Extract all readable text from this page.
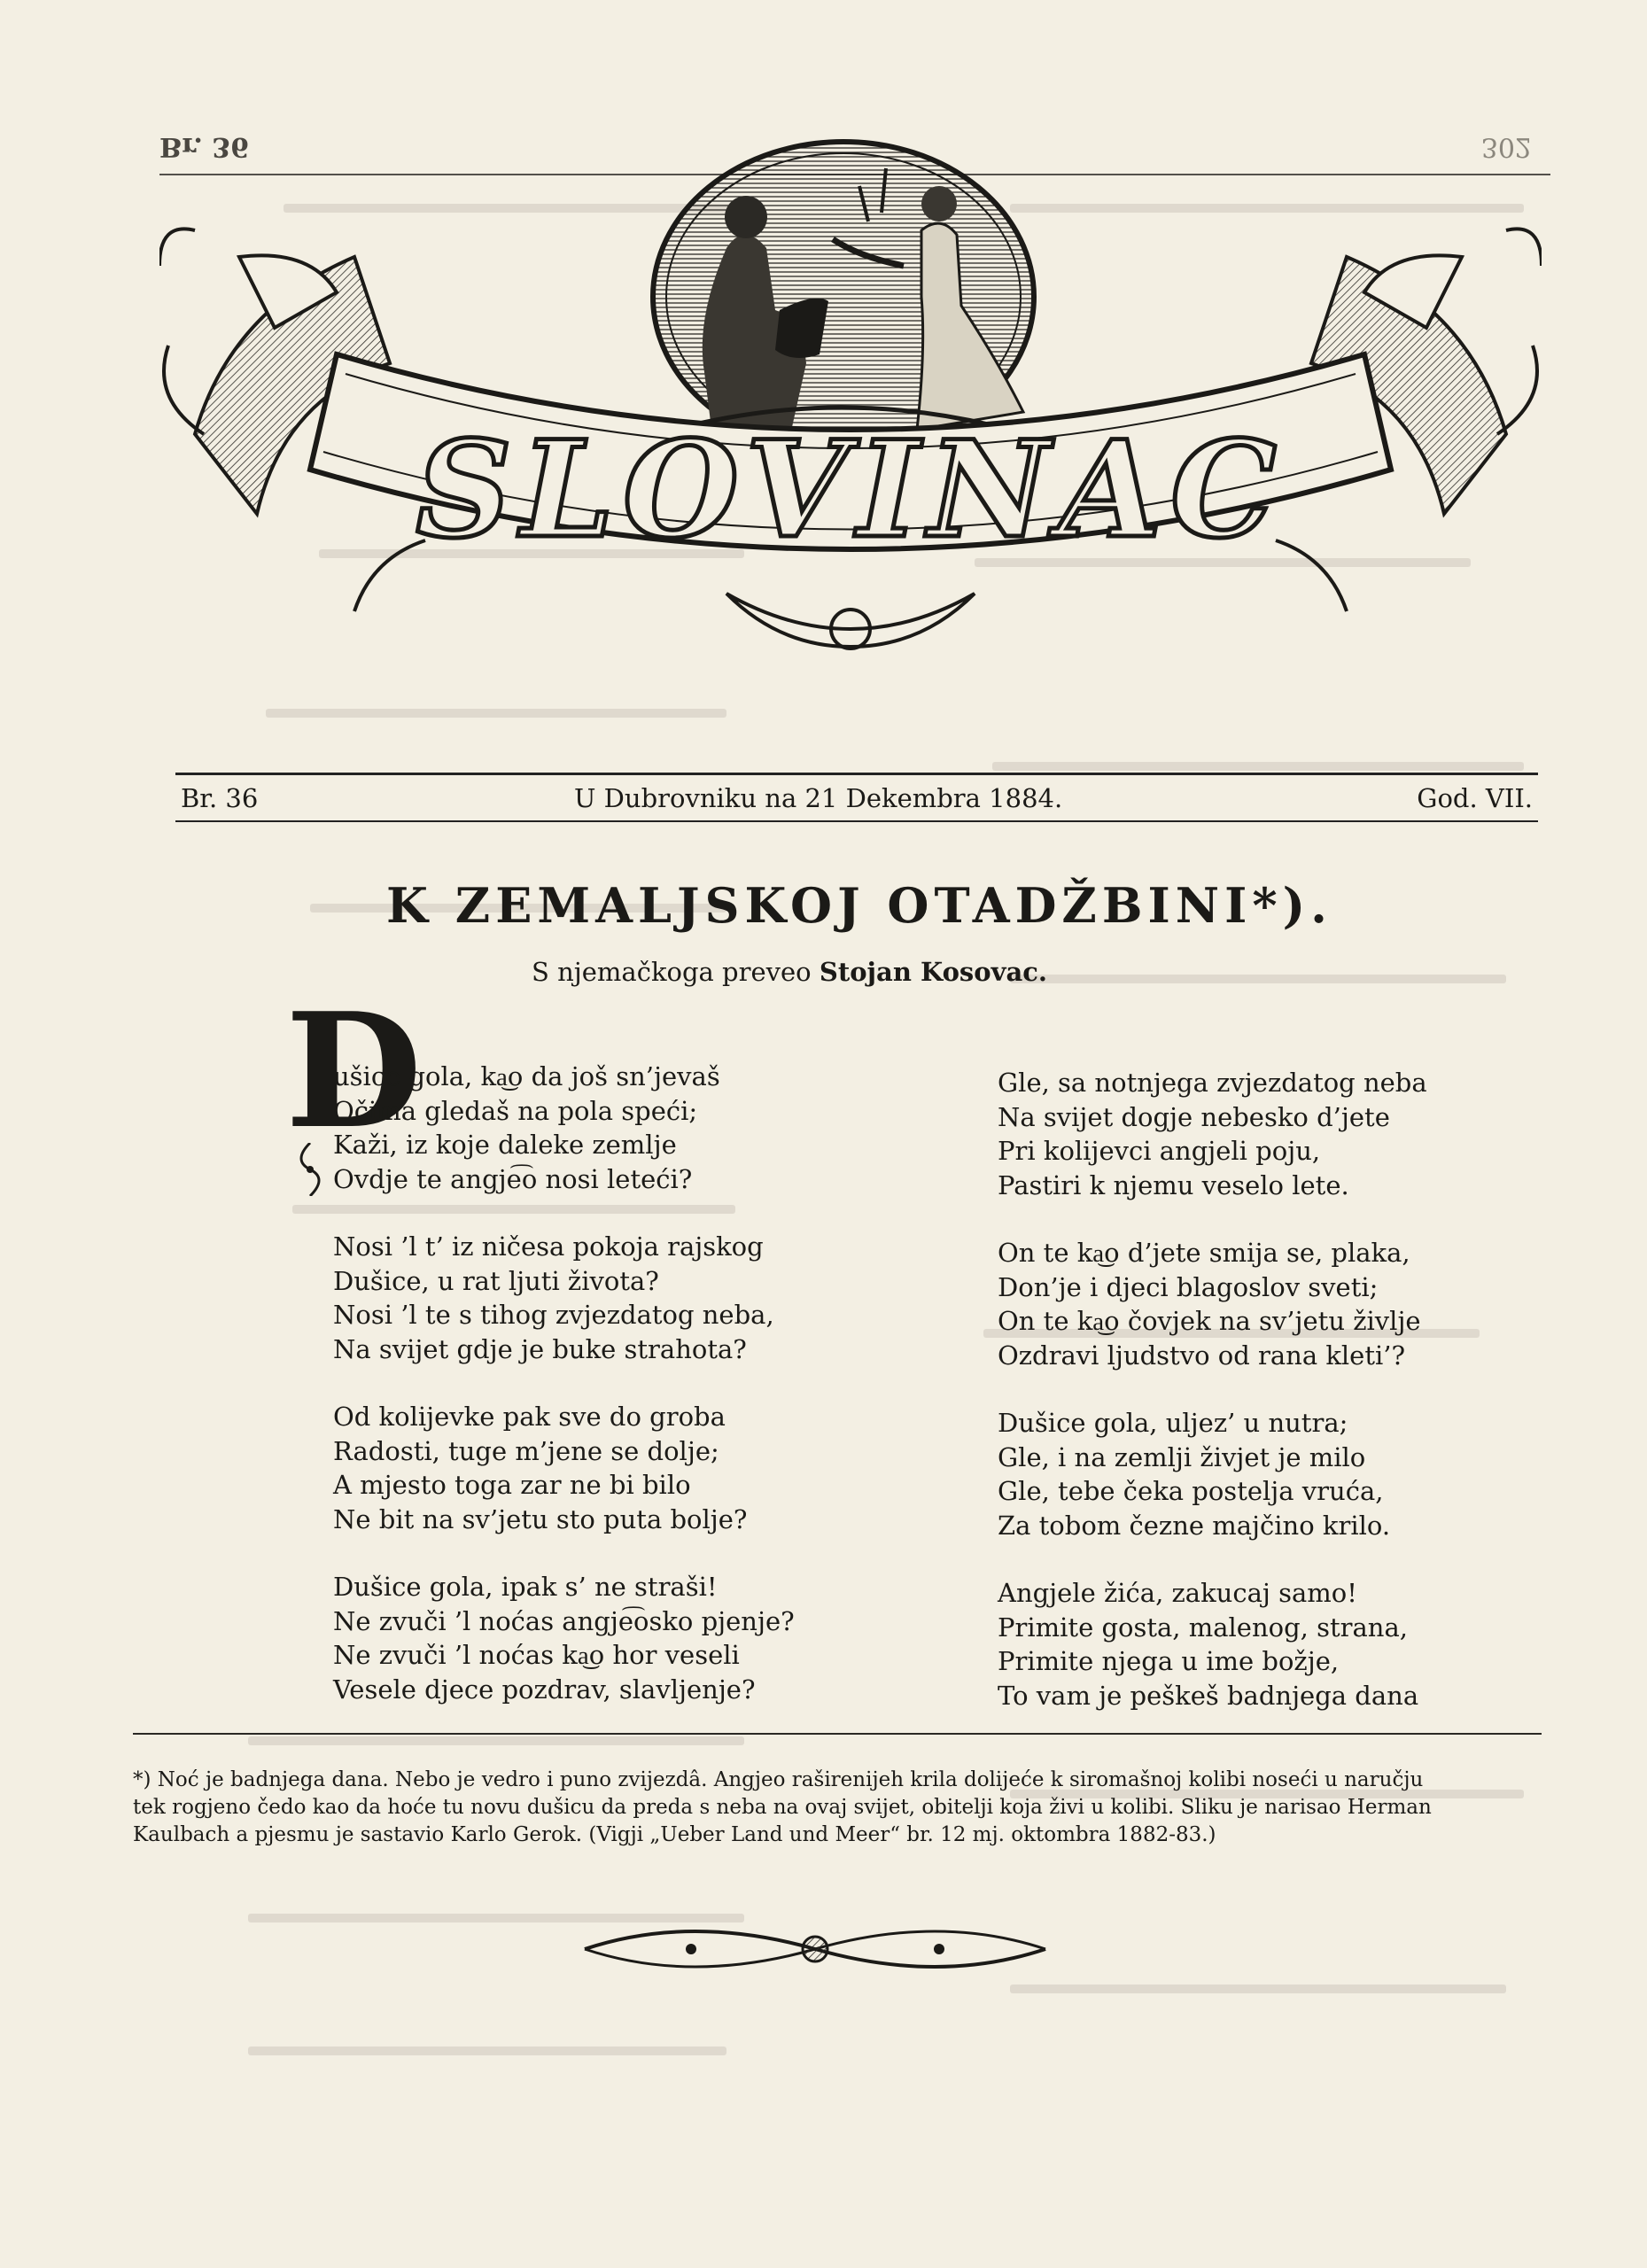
Br. 36	302
SLOVINAC
Br. 36	U Dubrovniku na 21 Dekembra 1884.	God. VII.
K ZEMALJSKOJ OTADŽBINI*).
S njemačkoga preveo Stojan Kosovac.
D
ušice gola, ka͜o da još sn’jevaš
Očima gledaš na pola speći;
Kaži, iz koje daleke zemlje
Ovdje te angje͡o nosi leteći?
Nosi ’l t’ iz ničesa pokoja rajskog
Dušice, u rat ljuti života?
Nosi ’l te s tihog zvjezdatog neba,
Na svijet gdje je buke strahota?
Od kolijevke pak sve do groba
Radosti, tuge m’jene se dolje;
A mjesto toga zar ne bi bilo
Ne bit na sv’jetu sto puta bolje?
Dušice gola, ipak s’ ne straši!
Ne zvuči ’l noćas angje͡osko pjenje?
Ne zvuči ’l noćas ka͜o hor veseli
Vesele djece pozdrav, slavljenje?
Gle, sa notnjega zvjezdatog neba
Na svijet dogje nebesko d’jete
Pri kolijevci angjeli poju,
Pastiri k njemu veselo lete.
On te ka͜o d’jete smija se, plaka,
Don’je i djeci blagoslov sveti;
On te ka͜o čovjek na sv’jetu življe
Ozdravi ljudstvo od rana kleti’?
Dušice gola, uljez’ u nutra;
Gle, i na zemlji živjet je milo
Gle, tebe čeka postelja vruća,
Za tobom čezne majčino krilo.
Angjele žića, zakucaj samo!
Primite gosta, malenog, strana,
Primite njega u ime božje,
To vam je peškeš badnjega dana
*) Noć je badnjega dana. Nebo je vedro i puno zvijezdâ. Angjeo raširenijeh krila dolijeće k siromašnoj kolibi noseći u naručju
tek rogjeno čedo kao da hoće tu novu dušicu da preda s neba na ovaj svijet, obitelji koja živi u kolibi. Sliku je narisao Herman
Kaulbach a pjesmu je sastavio Karlo Gerok. (Vigji „Ueber Land und Meer“ br. 12 mj. oktombra 1882-83.)
